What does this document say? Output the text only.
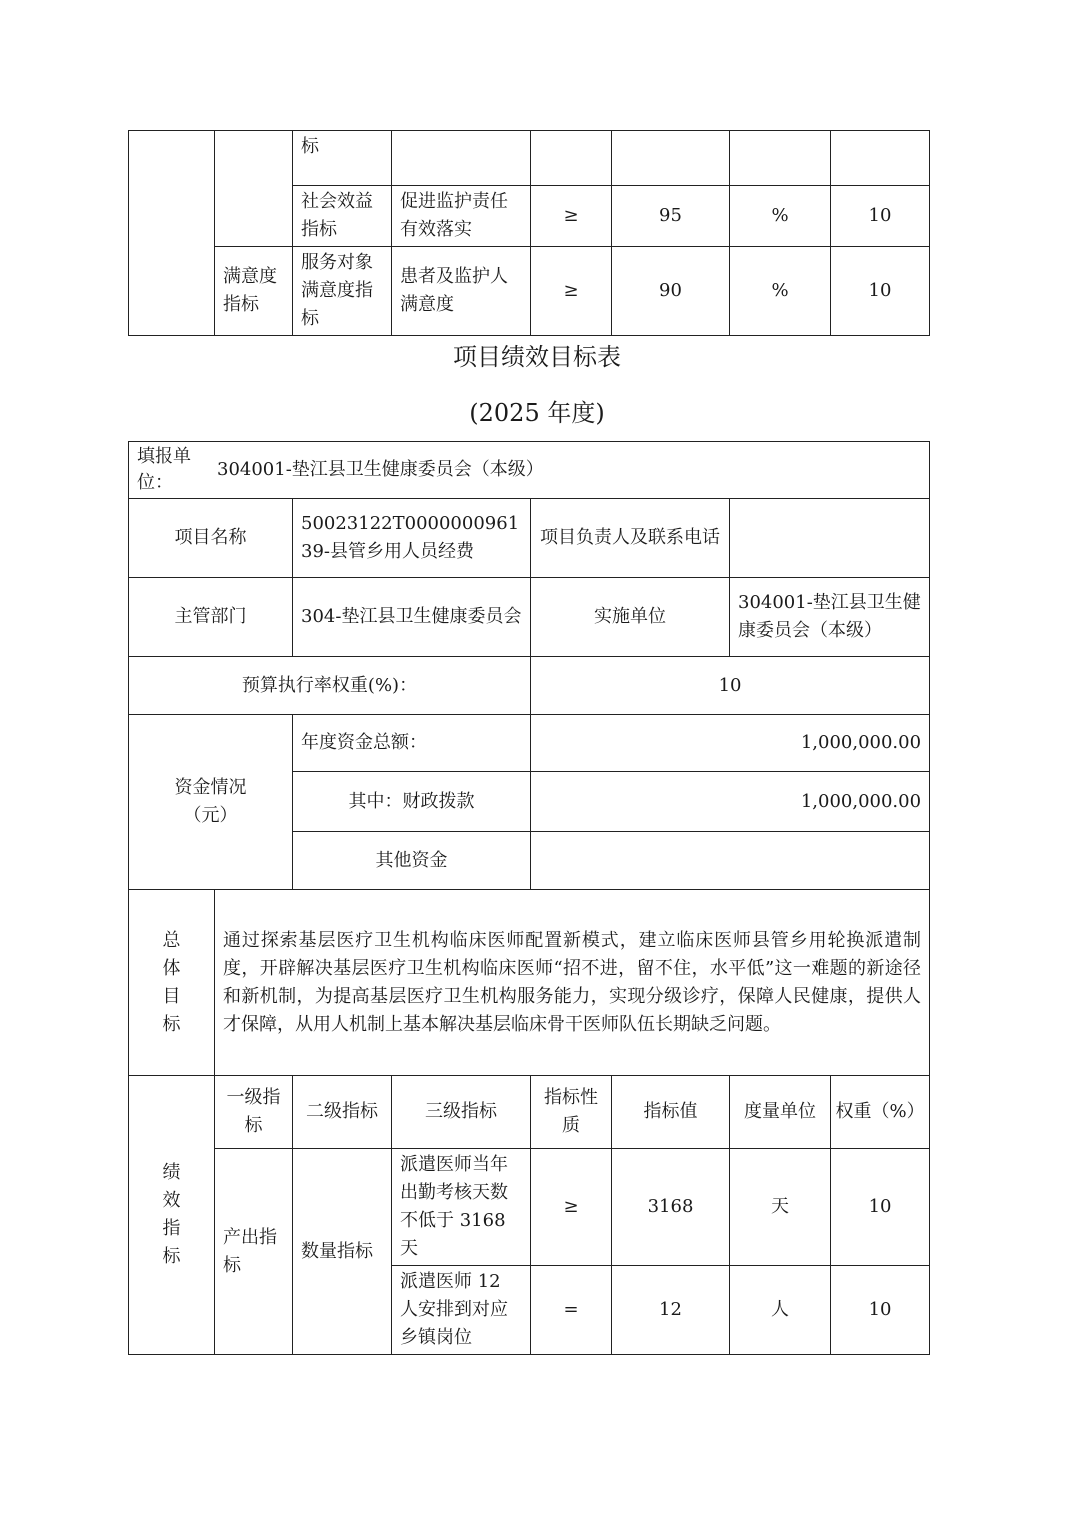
		标					
		社会效益指标	促进监护责任有效落实	≥	95	%	10
	满意度指标	服务对象满意度指标	患者及监护人满意度	≥	90	%	10
项目绩效目标表
(2025 年度)
填报单位：
304001-垫江县卫生健康委员会（本级）							

项目名称		50023122T000000096139-县管乡用人员经费		项目负责人及联系电话			
主管部门		304-垫江县卫生健康委员会		实施单位		304001-垫江县卫生健康委员会（本级）	
预算执行率权重(%)：				10			
资金情况（元）		年度资金总额：		1,000,000.00			
		其中：财政拨款		1,000,000.00			
		其他资金					

总体目标	通过探索基层医疗卫生机构临床医师配置新模式，建立临床医师县管乡用轮换派遣制度，开辟解决基层医疗卫生机构临床医师“招不进，留不住，水平低”这一难题的新途径和新机制，为提高基层医疗卫生机构服务能力，实现分级诊疗，保障人民健康，提供人才保障，从用人机制上基本解决基层临床骨干医师队伍长期缺乏问题。						

绩效指标	一级指标	二级指标	三级指标	指标性质	指标值	度量单位	权重（%）
	产出指标	数量指标	派遣医师当年出勤考核天数不低于 3168 天	≥	3168	天	10
			派遣医师 12 人安排到对应乡镇岗位	=	12	人	10
